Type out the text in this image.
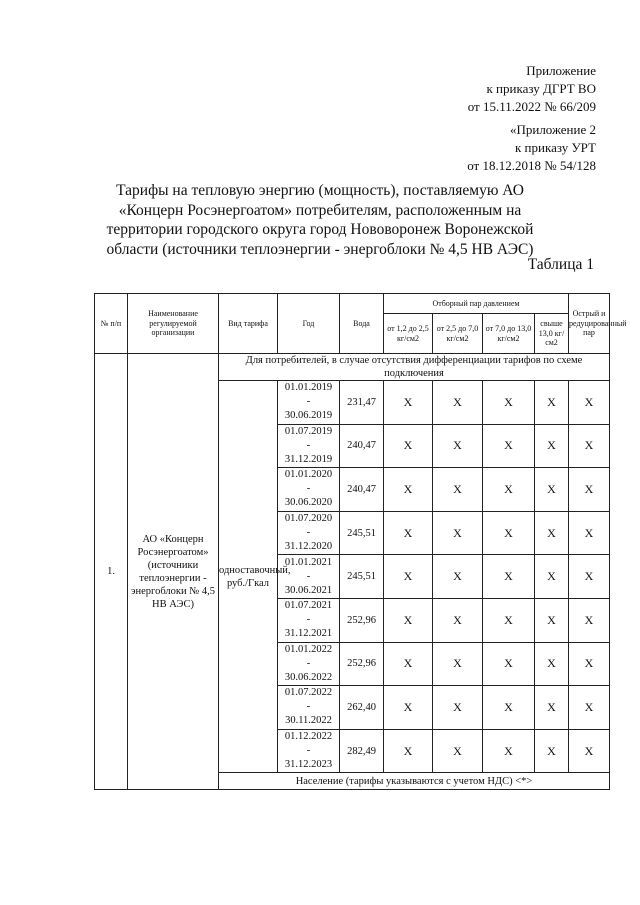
Приложение
к приказу ДГРТ ВО
от 15.11.2022 № 66/209
«Приложение 2
к приказу УРТ
от 18.12.2018 № 54/128
Тарифы на тепловую энергию (мощность), поставляемую АО «Концерн Росэнергоатом» потребителям, расположенным на территории городского округа город Нововоронеж Воронежской области (источники теплоэнергии - энергоблоки № 4,5 НВ АЭС)
Таблица 1
№ п/п	Наименование регулируемой организации	Вид тарифа	Год	Вода	Отборный пар давлением				Острый и редуцированный пар
					от 1,2 до 2,5 кг/см2	от 2,5 до 7,0 кг/см2	от 7,0 до 13,0 кг/см2	свыше 13,0 кг/см2	
1.	АО «Концерн Росэнергоатом» (источники теплоэнергии - энергоблоки № 4,5 НВ АЭС)	Для потребителей, в случае отсутствия дифференциации тарифов по схеме подключения							
		одноставочный, руб./Гкал	01.01.2019
-
30.06.2019	231,47	X	X	X	X	X

			01.07.2019
-
31.12.2019	240,47	X	X	X	X	X

			01.01.2020
-
30.06.2020	240,47	X	X	X	X	X

			01.07.2020
-
31.12.2020	245,51	X	X	X	X	X

			01.01.2021
-
30.06.2021	245,51	X	X	X	X	X

			01.07.2021
-
31.12.2021	252,96	X	X	X	X	X

			01.01.2022
-
30.06.2022	252,96	X	X	X	X	X

			01.07.2022
-
30.11.2022	262,40	X	X	X	X	X

			01.12.2022
-
31.12.2023	282,49	X	X	X	X	X
		Население (тарифы указываются с учетом НДС) <*>							
